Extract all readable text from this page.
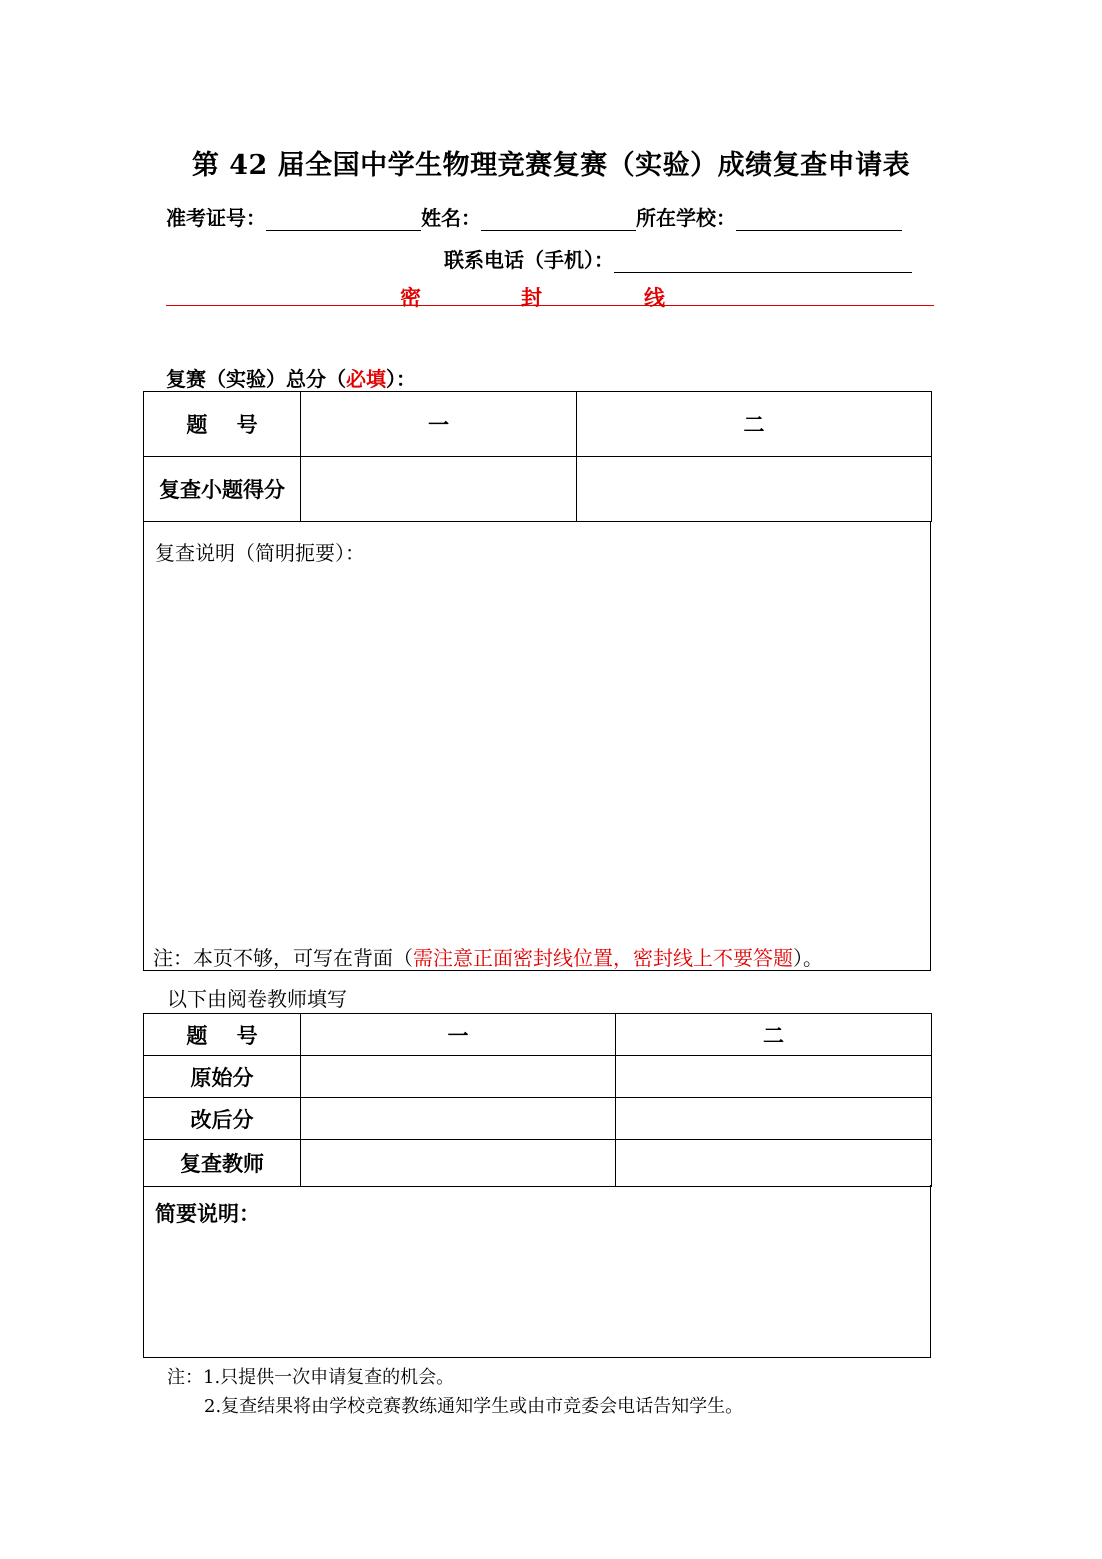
第 42 届全国中学生物理竞赛复赛（实验）成绩复查申请表
准考证号：	姓名：	所在学校：
联系电话（手机）：
密	封	线
复赛（实验）总分（必填）：
题    号	一	二
复查小题得分		
复查说明（简明扼要）：
注：本页不够，可写在背面（需注意正面密封线位置，密封线上不要答题）。
以下由阅卷教师填写
题    号	一	二
原始分		
改后分		
复查教师		
简要说明：
注：1.只提供一次申请复查的机会。
2.复查结果将由学校竞赛教练通知学生或由市竞委会电话告知学生。
